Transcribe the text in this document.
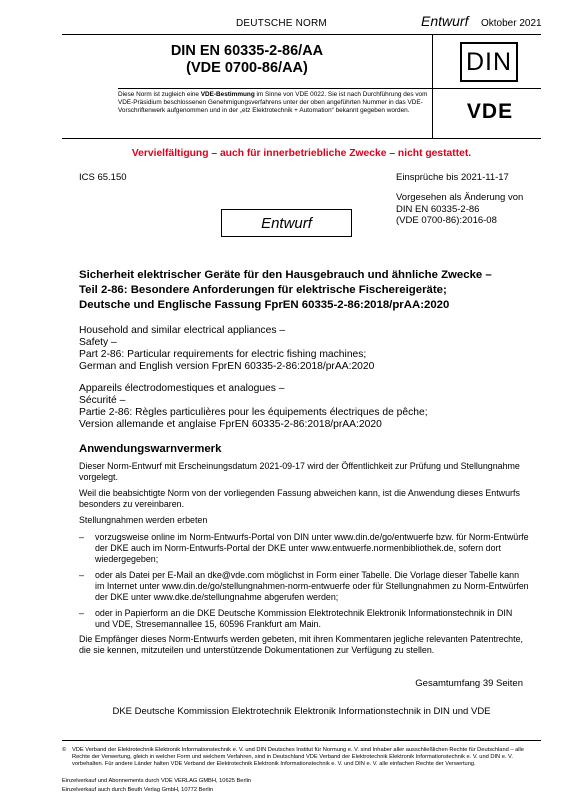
DEUTSCHE NORM	Entwurf Oktober 2021
DIN EN 60335-2-86/AA
(VDE 0700-86/AA)	DIN
VDE
Diese Norm ist zugleich eine VDE-Bestimmung im Sinne von VDE 0022. Sie ist nach Durchführung des vom VDE-Präsidium beschlossenen Genehmigungsverfahrens unter der oben angeführten Nummer in das VDE-Vorschriftenwerk aufgenommen und in der „etz Elektrotechnik + Automation“ bekannt gegeben worden.
Vervielfältigung – auch für innerbetriebliche Zwecke – nicht gestattet.
ICS 65.150	Einsprüche bis 2021-11-17
Vorgesehen als Änderung von
DIN EN 60335-2-86
(VDE 0700-86):2016-08
Entwurf
Sicherheit elektrischer Geräte für den Hausgebrauch und ähnliche Zwecke –
Teil 2-86: Besondere Anforderungen für elektrische Fischereigeräte;
Deutsche und Englische Fassung FprEN 60335-2-86:2018/prAA:2020
Household and similar electrical appliances –
Safety –
Part 2-86: Particular requirements for electric fishing machines;
German and English version FprEN 60335-2-86:2018/prAA:2020
Appareils électrodomestiques et analogues –
Sécurité –
Partie 2-86: Règles particulières pour les équipements électriques de pêche;
Version allemande et anglaise FprEN 60335-2-86:2018/prAA:2020
Anwendungswarnvermerk
Dieser Norm-Entwurf mit Erscheinungsdatum 2021-09-17 wird der Öffentlichkeit zur Prüfung und Stellungnahme vorgelegt.
Weil die beabsichtigte Norm von der vorliegenden Fassung abweichen kann, ist die Anwendung dieses Entwurfs besonders zu vereinbaren.
Stellungnahmen werden erbeten
– vorzugsweise online im Norm-Entwurfs-Portal von DIN unter www.din.de/go/entwuerfe bzw. für Norm-Entwürfe der DKE auch im Norm-Entwurfs-Portal der DKE unter www.entwuerfe.normenbibliothek.de, sofern dort wiedergegeben;
– oder als Datei per E-Mail an dke@vde.com möglichst in Form einer Tabelle. Die Vorlage dieser Tabelle kann im Internet unter www.din.de/go/stellungnahmen-norm-entwuerfe oder für Stellungnahmen zu Norm-Entwürfen der DKE unter www.dke.de/stellungnahme abgerufen werden;
– oder in Papierform an die DKE Deutsche Kommission Elektrotechnik Elektronik Informationstechnik in DIN und VDE, Stresemannallee 15, 60596 Frankfurt am Main.
Die Empfänger dieses Norm-Entwurfs werden gebeten, mit ihren Kommentaren jegliche relevanten Patentrechte, die sie kennen, mitzuteilen und unterstützende Dokumentationen zur Verfügung zu stellen.
Gesamtumfang 39 Seiten
DKE Deutsche Kommission Elektrotechnik Elektronik Informationstechnik in DIN und VDE
© VDE Verband der Elektrotechnik Elektronik Informationstechnik e. V. und DIN Deutsches Institut für Normung e. V. sind Inhaber aller ausschließlichen Rechte für Deutschland – alle Rechte der Verwertung, gleich in welcher Form und welchem Verfahren, sind in Deutschland VDE Verband der Elektrotechnik Elektronik Informationstechnik e. V. und DIN e. V. vorbehalten. Für andere Länder halten VDE Verband der Elektrotechnik Elektronik Informationstechnik e. V. und DIN e. V. alle einfachen Rechte der Verwertung.
Einzelverkauf und Abonnements durch VDE VERLAG GMBH, 10625 Berlin
Einzelverkauf auch durch Beuth Verlag GmbH, 10772 Berlin
